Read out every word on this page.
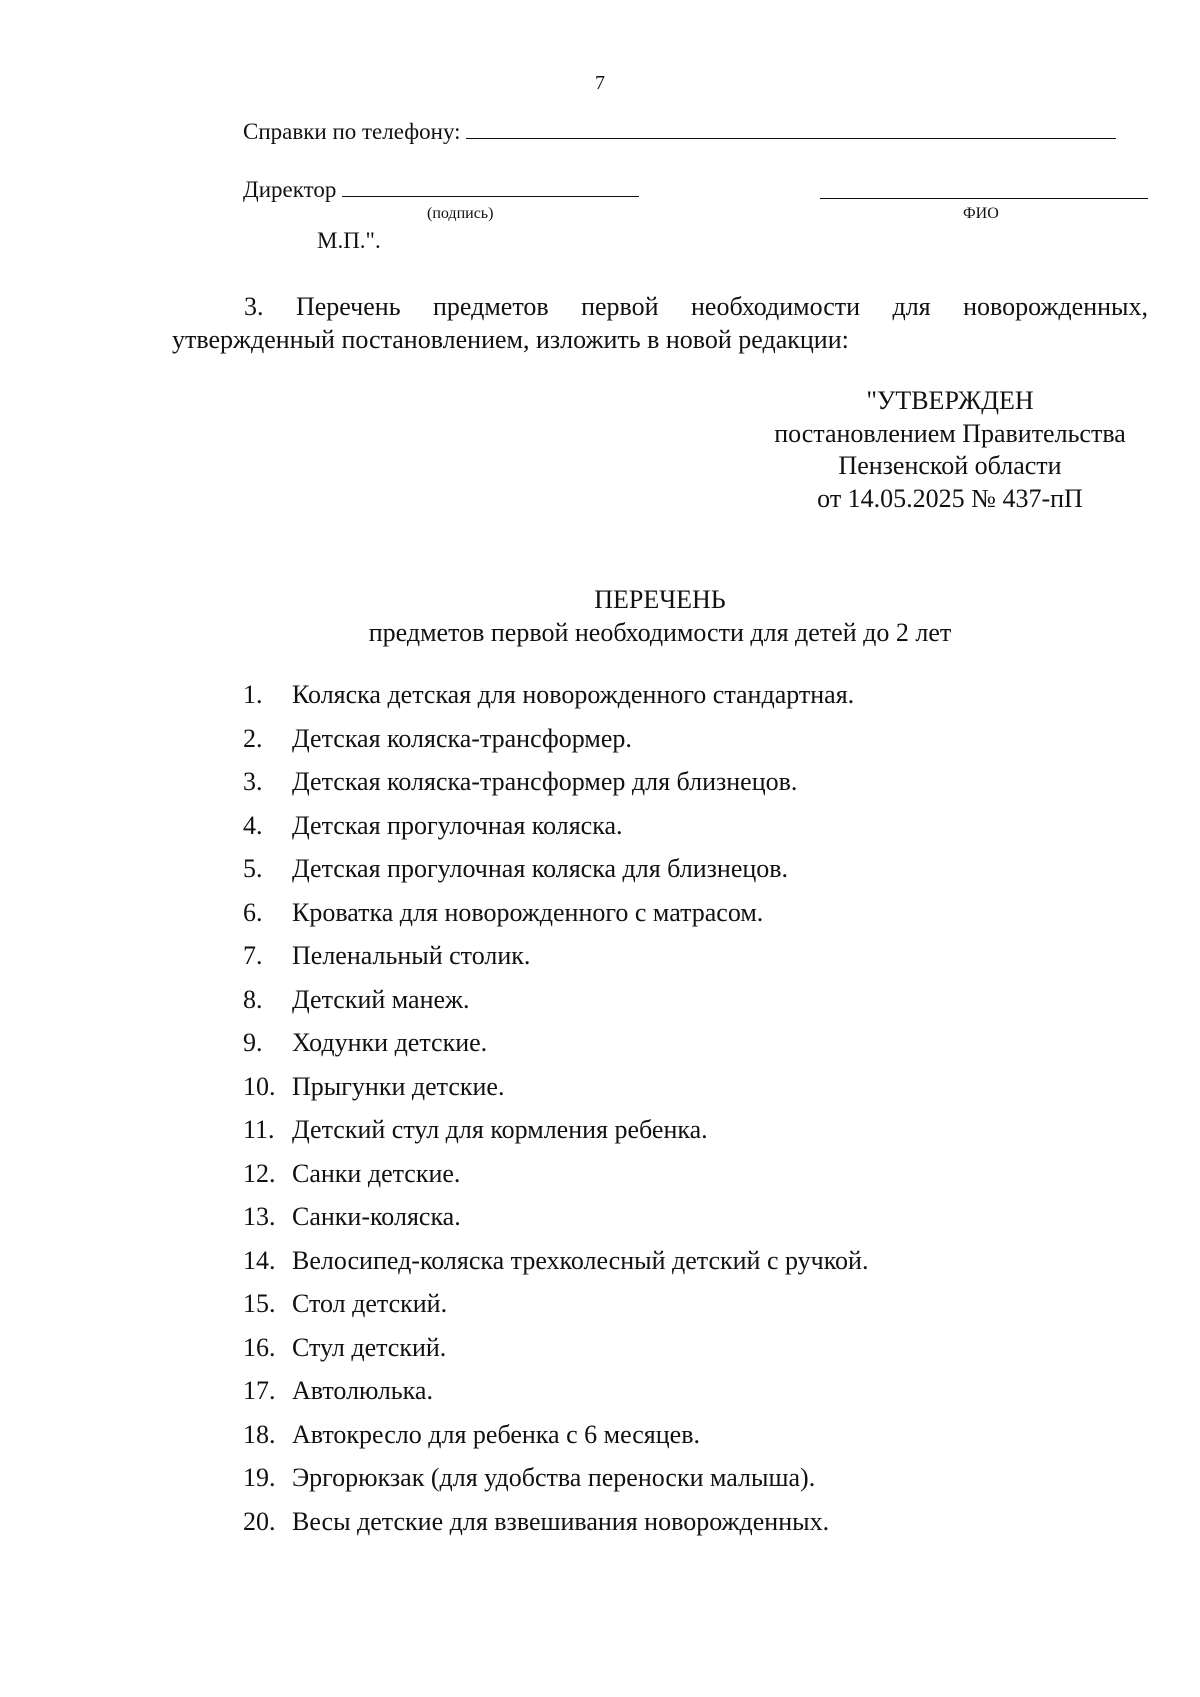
7
Справки по телефону:
Директор
(подпись)	ФИО
М.П.".
3. Перечень предметов первой необходимости для новорожденных,
утвержденный постановлением, изложить в новой редакции:
"УТВЕРЖДЕН
постановлением Правительства
Пензенской области
от 14.05.2025 № 437-пП
ПЕРЕЧЕНЬ
предметов первой необходимости для детей до 2 лет
1. Коляска детская для новорожденного стандартная.
2. Детская коляска-трансформер.
3. Детская коляска-трансформер для близнецов.
4. Детская прогулочная коляска.
5. Детская прогулочная коляска для близнецов.
6. Кроватка для новорожденного с матрасом.
7. Пеленальный столик.
8. Детский манеж.
9. Ходунки детские.
10. Прыгунки детские.
11. Детский стул для кормления ребенка.
12. Санки детские.
13. Санки-коляска.
14. Велосипед-коляска трехколесный детский с ручкой.
15. Стол детский.
16. Стул детский.
17. Автолюлька.
18. Автокресло для ребенка с 6 месяцев.
19. Эргорюкзак (для удобства переноски малыша).
20. Весы детские для взвешивания новорожденных.
